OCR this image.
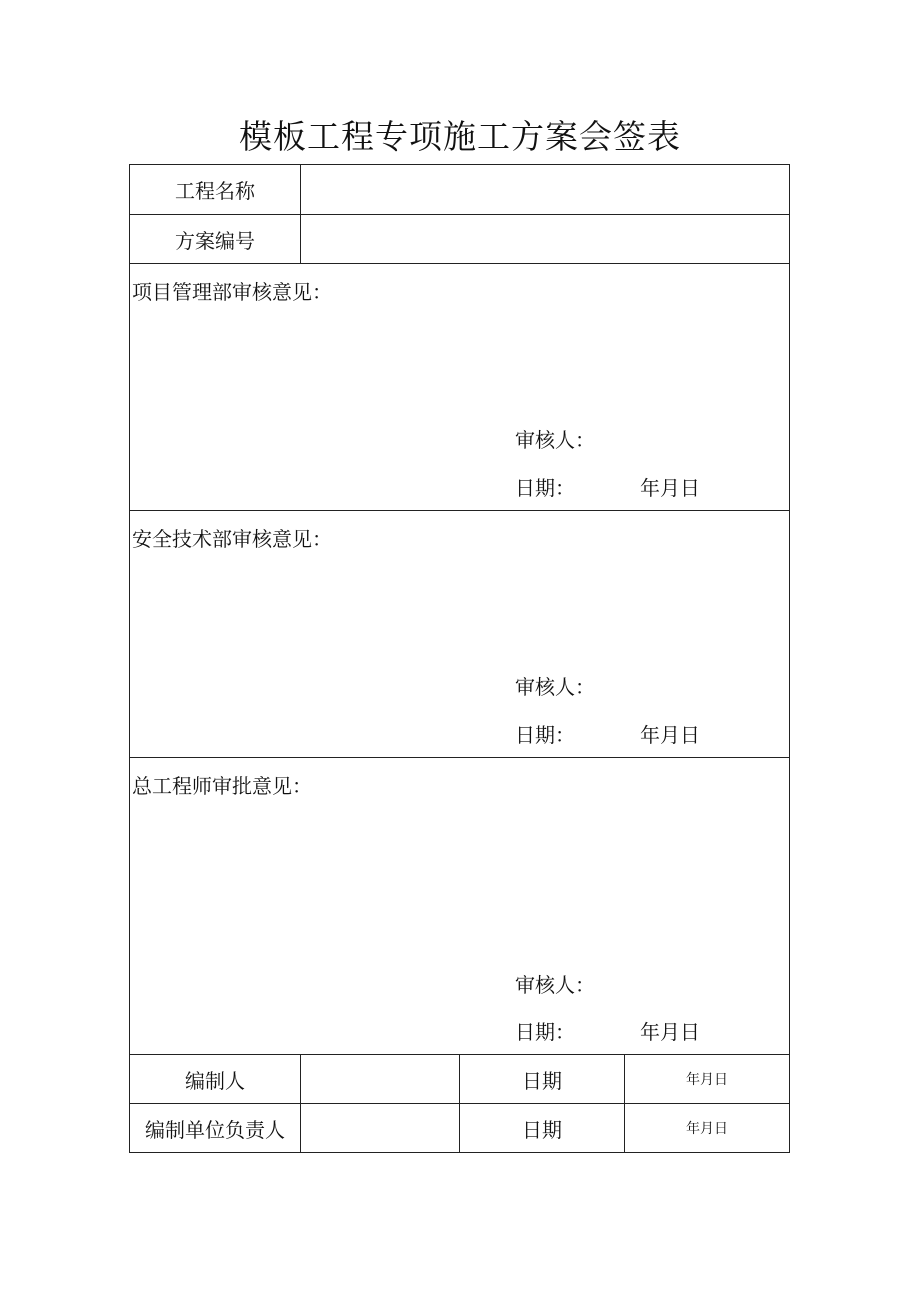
模板工程专项施工方案会签表
工程名称
方案编号
项目管理部审核意见：
审核人：
日期：	年月日
安全技术部审核意见：
审核人：
日期：	年月日
总工程师审批意见：
审核人：
日期：	年月日
编制人	日期	年月日
编制单位负责人	日期	年月日
